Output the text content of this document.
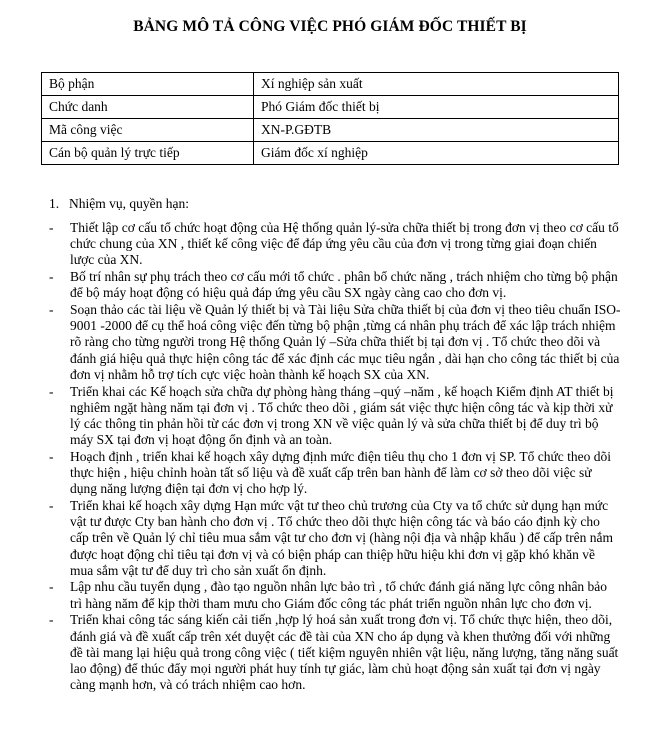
BẢNG MÔ TẢ CÔNG VIỆC PHÓ GIÁM ĐỐC THIẾT BỊ
Bộ phận	Xí nghiệp sản xuất
Chức danh	Phó Giám đốc thiết bị
Mã công việc	XN-P.GĐTB
Cán bộ quản lý trực tiếp	Giám đốc xí nghiệp
1. Nhiệm vụ, quyền hạn:
- Thiết lập cơ cấu tổ chức hoạt động của Hệ thống quản lý-sửa chữa thiết bị trong đơn vị theo cơ cấu tổ chức chung của XN , thiết kế công việc để đáp ứng yêu cầu của đơn vị trong từng giai đoạn chiến lược của XN.
- Bố trí nhân sự phụ trách theo cơ cấu mới tổ chức . phân bổ chức năng , trách nhiệm cho từng bộ phận để bộ máy hoạt động có hiệu quả đáp ứng yêu cầu SX ngày càng cao cho đơn vị.
- Soạn thảo các tài liệu về Quản lý thiết bị và Tài liệu Sửa chữa thiết bị của đơn vị theo tiêu chuẩn ISO-9001 -2000 để cụ thể hoá công việc đến từng bộ phận ,từng cá nhân phụ trách để xác lập trách nhiệm rõ ràng cho từng người trong Hệ thống Quản lý –Sửa chữa thiết bị tại đơn vị . Tổ chức theo dõi và đánh giá hiệu quả thực hiện công tác để xác định các mục tiêu ngắn , dài hạn cho công tác thiết bị của đơn vị nhằm hỗ trợ tích cực việc hoàn thành kế hoạch SX của XN.
- Triển khai các Kế hoạch sửa chữa dự phòng hàng tháng –quý –năm , kế hoạch Kiểm định AT thiết bị nghiêm ngặt hàng năm tại đơn vị . Tổ chức theo dõi , giám sát việc thực hiện công tác và kịp thời xử lý các thông tin phản hồi từ các đơn vị trong XN về việc quản lý và sửa chữa thiết bị để duy trì bộ máy SX tại đơn vị hoạt động ổn định và an toàn.
- Hoạch định , triển khai kế hoạch xây dựng định mức điện tiêu thụ cho 1 đơn vị SP. Tổ chức theo dõi thực hiện , hiệu chỉnh hoàn tất số liệu và đề xuất cấp trên ban hành để làm cơ sở theo dõi việc sử dụng năng lượng điện tại đơn vị cho hợp lý.
- Triển khai kế hoạch xây dựng Hạn mức vật tư theo chủ trương của Cty va tổ chức sử dụng hạn mức vật tư được Cty ban hành cho đơn vị . Tổ chức theo dõi thực hiện công tác và báo cáo định kỳ cho cấp trên về Quản lý chỉ tiêu mua sắm vật tư cho đơn vị (hàng nội địa và nhập khẩu ) để cấp trên nắm được hoạt động chỉ tiêu tại đơn vị và có biện pháp can thiệp hữu hiệu khi đơn vị gặp khó khăn về mua sắm vật tư để duy trì cho sản xuất ổn định.
- Lập nhu cầu tuyển dụng , đào tạo nguồn nhân lực bảo trì , tổ chức đánh giá năng lực công nhân bảo trì hàng năm để kịp thời tham mưu cho Giám đốc công tác phát triển nguồn nhân lực cho đơn vị.
- Triển khai công tác sáng kiến cải tiến ,hợp lý hoá sản xuất trong đơn vị. Tổ chức thực hiện, theo dõi, đánh giá và đề xuất cấp trên xét duyệt các đề tài của XN cho áp dụng và khen thưởng đối với những đề tài mang lại hiệu quả trong công việc ( tiết kiệm nguyên nhiên vật liệu, năng lượng, tăng năng suất lao động) để thúc đẩy mọi người phát huy tính tự giác, làm chủ hoạt động sản xuất tại đơn vị ngày càng mạnh hơn, và có trách nhiệm cao hơn.
